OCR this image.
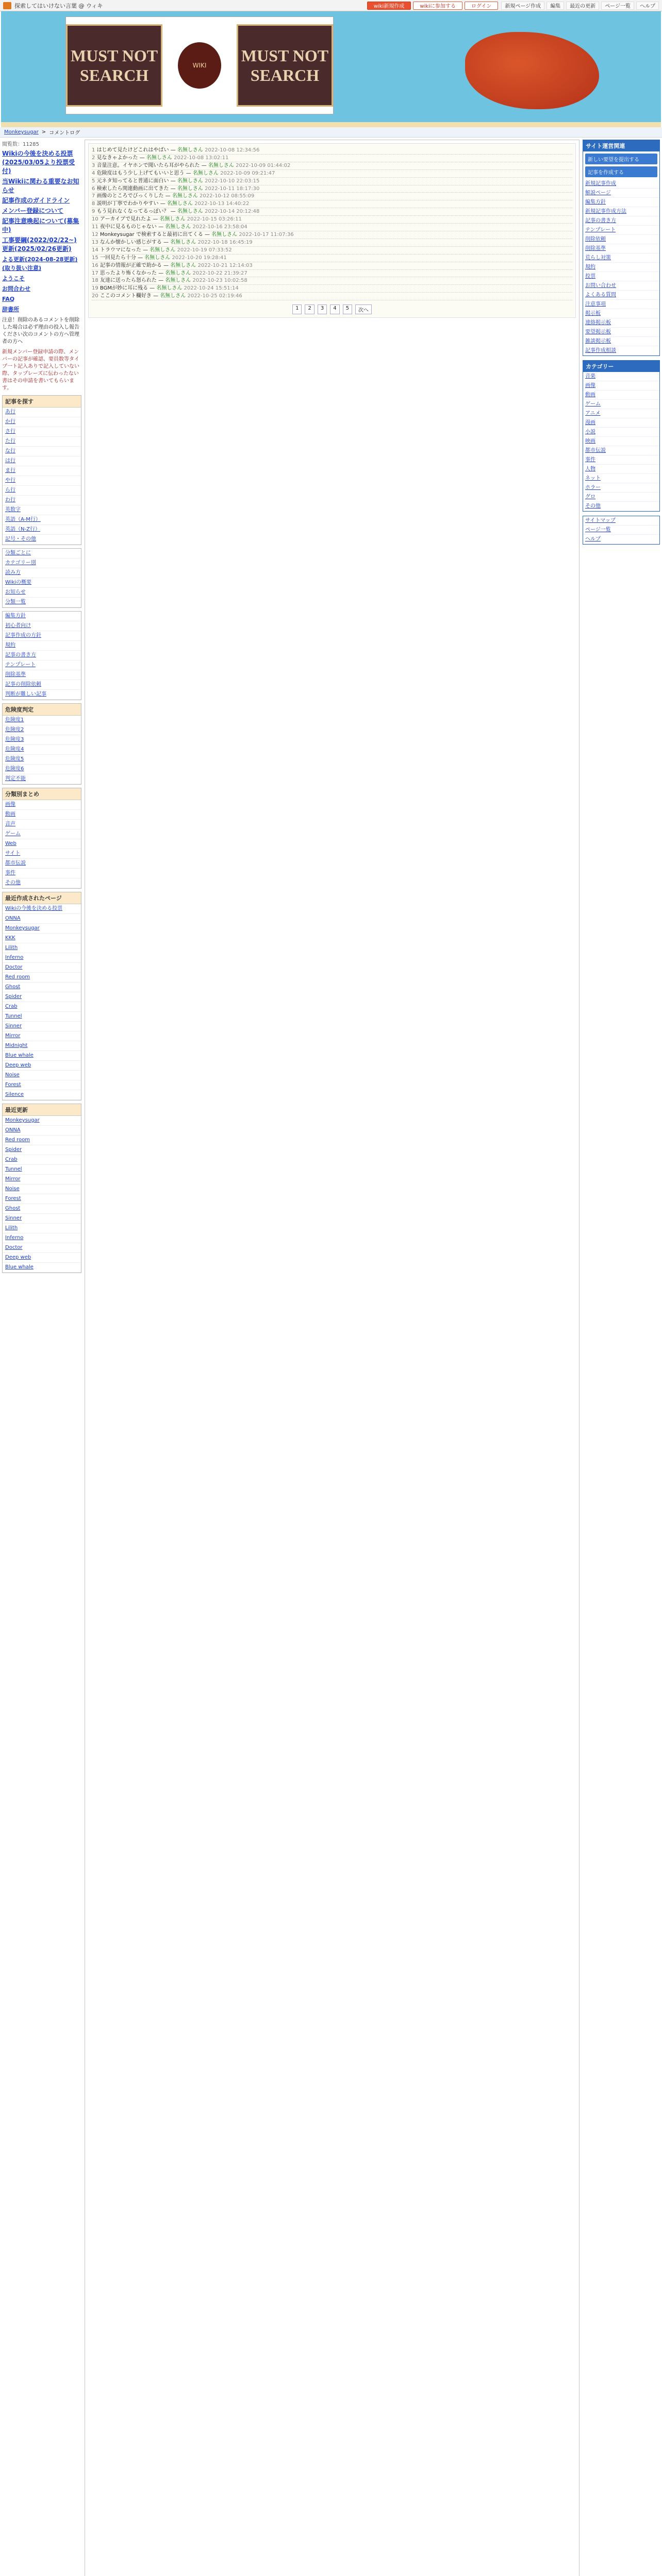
探索してはいけない言葉 @ ウィキ	wiki新規作成	wikiに参加する	ログイン	新規ページ作成	編集	最近の更新	ページ一覧	ヘルプ
MUST NOT SEARCH
WIKI
MUST NOT SEARCH
Monkeysugar > コメントログ
閲覧数：11285
Wikiの今後を決める投票(2025/03/05より投票受付)
当Wikiに関わる重要なお知らせ
記事作成のガイドライン
メンバー登録について
記事注意喚起について(募集中)
工事要綱(2022/02/22~)更新(2025/02/26更新)
よる更新(2024-08-28更新)(取り扱い注意)
ようこそ
お問合わせ
FAQ
辞書所
注意！削除のあるコメントを削除した場合は必ず理由の投入し報告ください次のコメントの方へ管理者の方へ
新規メンバー登録申請の際、メンバーの記事が確認、要員数等タイプ一ト記入ありで記入していない際、タップレーズに伝わったない書はその申請を書いてもらいます。
記事を探す
あ行
か行
さ行
た行
な行
は行
ま行
や行
ら行
わ行
英数字
英語（A-M行）
英語（N-Z行）
記号・その他
分類ごとに
カテゴリー別
読み方
Wikiの概要
お知らせ
分類一覧
編集方針
初心者向け
記事作成の方針
規約
記事の書き方
テンプレート
削除基準
記事の削除依頼
判断が難しい記事
危険度判定
危険度1
危険度2
危険度3
危険度4
危険度5
危険度6
判定不能
分類別まとめ
画像
動画
音声
ゲーム
Web
サイト
都市伝説
事件
その他
最近作成されたページ
Wikiの今後を決める投票
ONNA
Monkeysugar
KKK
Lilith
Inferno
Doctor
Red room
Ghost
Spider
Crab
Tunnel
Sinner
Mirror
Midnight
Blue whale
Deep web
Noise
Forest
Silence
最近更新
Monkeysugar
ONNA
Red room
Spider
Crab
Tunnel
Mirror
Noise
Forest
Ghost
Sinner
Lilith
Inferno
Doctor
Deep web
Blue whale
1 はじめて見たけどこれはやばい — 名無しさん 2022-10-08 12:34:56
2 見なきゃよかった — 名無しさん 2022-10-08 13:02:11
3 音量注意。イヤホンで聞いたら耳がやられた — 名無しさん 2022-10-09 01:44:02
4 危険度はもう少し上げてもいいと思う — 名無しさん 2022-10-09 09:21:47
5 元ネタ知ってると普通に面白い — 名無しさん 2022-10-10 22:03:15
6 検索したら関連動画に出てきた — 名無しさん 2022-10-11 18:17:30
7 画像のところでびっくりした — 名無しさん 2022-10-12 08:55:09
8 説明が丁寧でわかりやすい — 名無しさん 2022-10-13 14:40:22
9 もう見れなくなってるっぽい？ — 名無しさん 2022-10-14 20:12:48
10 アーカイブで見れたよ — 名無しさん 2022-10-15 03:26:11
11 夜中に見るものじゃない — 名無しさん 2022-10-16 23:58:04
12 Monkeysugar で検索すると最初に出てくる — 名無しさん 2022-10-17 11:07:36
13 なんか懐かしい感じがする — 名無しさん 2022-10-18 16:45:19
14 トラウマになった — 名無しさん 2022-10-19 07:33:52
15 一回見たら十分 — 名無しさん 2022-10-20 19:28:41
16 記事の情報が正確で助かる — 名無しさん 2022-10-21 12:14:03
17 思ったより怖くなかった — 名無しさん 2022-10-22 21:39:27
18 友達に送ったら怒られた — 名無しさん 2022-10-23 10:02:58
19 BGMが妙に耳に残る — 名無しさん 2022-10-24 15:51:14
20 ここのコメント欄好き — 名無しさん 2022-10-25 02:19:46
1	2	3	4	5	次へ
サイト運営関連
新しい要望を提出する
記事を作成する
新規記事作成
解説ページ
編集方針
新規記事作成方法
記事の書き方
テンプレート
削除依頼
削除基準
荒らし対策
規約
投票
お問い合わせ
よくある質問
注意事項
掲示板
連絡掲示板
要望掲示板
雑談掲示板
記事作成相談
カテゴリー
音楽
画像
動画
ゲーム
アニメ
漫画
小説
映画
都市伝説
事件
人物
ネット
ホラー
グロ
その他
サイトマップ
ページ一覧
ヘルプ
